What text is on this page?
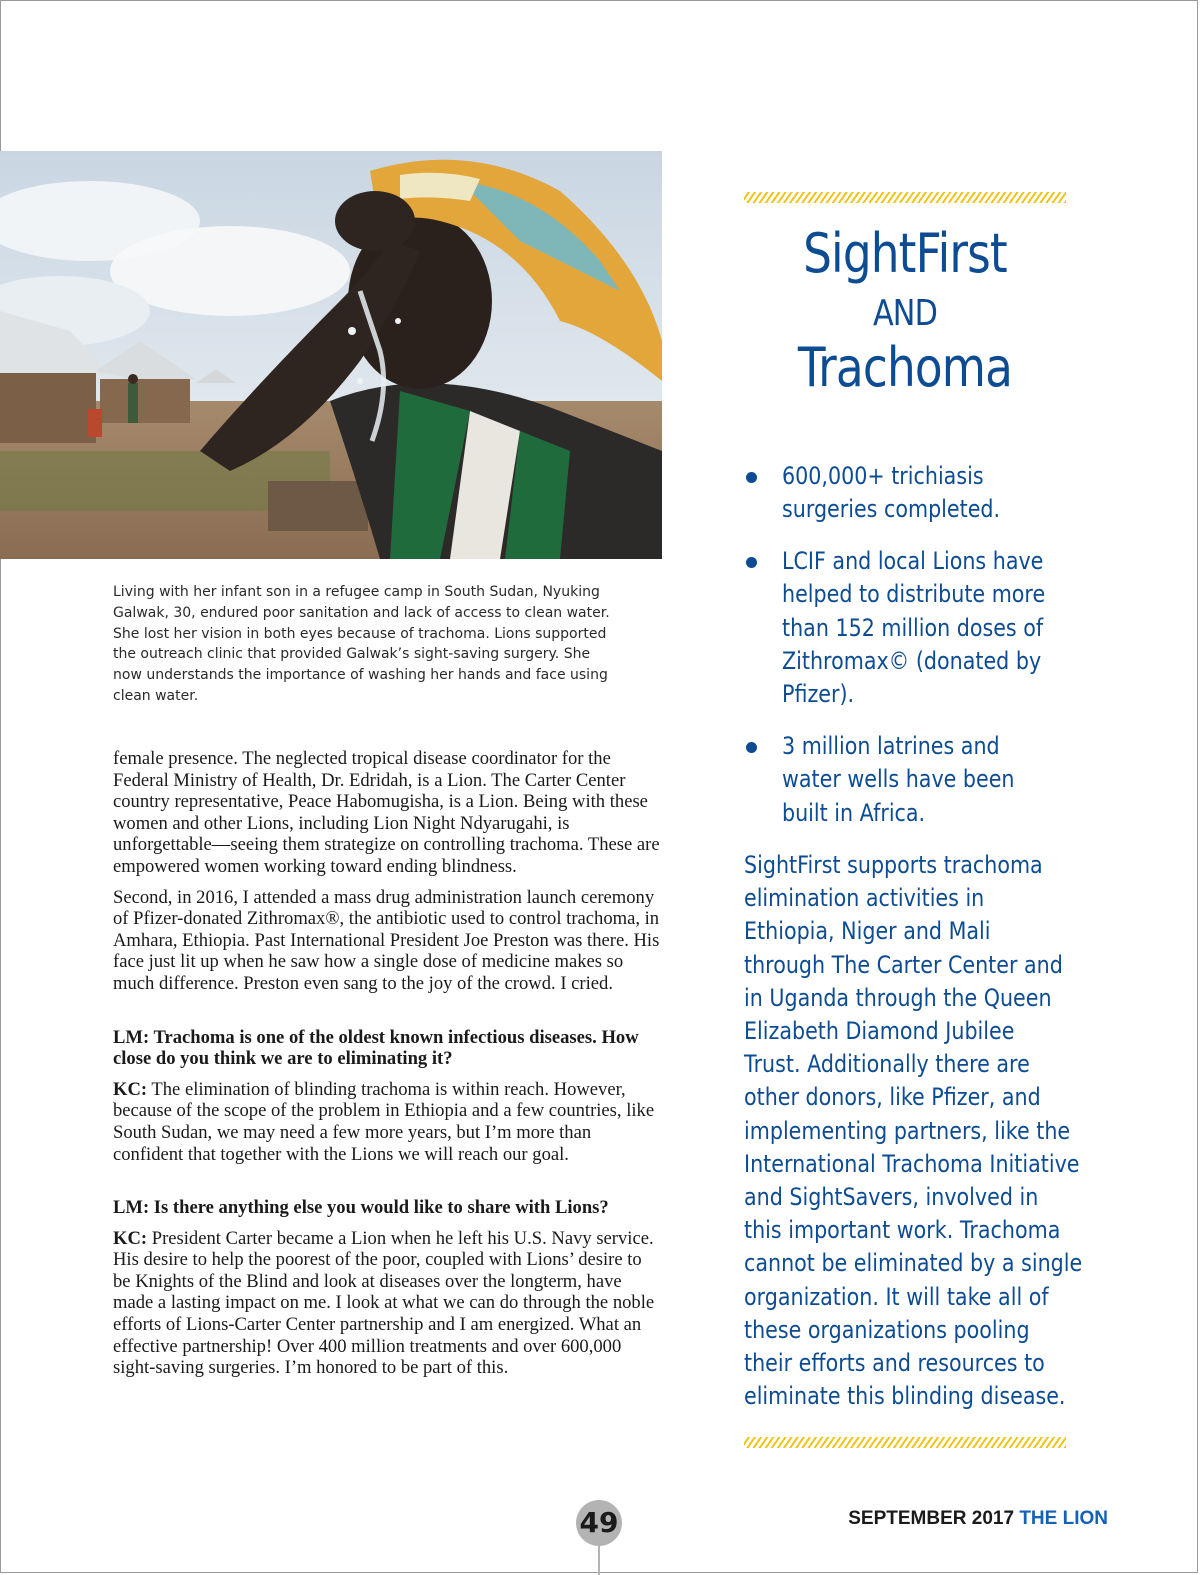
Living with her infant son in a refugee camp in South Sudan, Nyuking
Galwak, 30, endured poor sanitation and lack of access to clean water.
She lost her vision in both eyes because of trachoma. Lions supported
the outreach clinic that provided Galwak’s sight-saving surgery. She
now understands the importance of washing her hands and face using
clean water.

female presence. The neglected tropical disease coordinator for the Federal Ministry of Health, Dr. Edridah, is a Lion. The Carter Center country representative, Peace Habomugisha, is a Lion. Being with these women and other Lions, including Lion Night Ndyarugahi, is unforgettable—seeing them strategize on controlling trachoma. These are empowered women working toward ending blindness.

Second, in 2016, I attended a mass drug administration launch ceremony of Pfizer-donated Zithromax®, the antibiotic used to control trachoma, in Amhara, Ethiopia. Past International President Joe Preston was there. His face just lit up when he saw how a single dose of medicine makes so much difference. Preston even sang to the joy of the crowd. I cried.

LM: Trachoma is one of the oldest known infectious diseases. How close do you think we are to eliminating it?

KC: The elimination of blinding trachoma is within reach. However, because of the scope of the problem in Ethiopia and a few countries, like South Sudan, we may need a few more years, but I’m more than confident that together with the Lions we will reach our goal.

LM: Is there anything else you would like to share with Lions?

KC: President Carter became a Lion when he left his U.S. Navy service. His desire to help the poorest of the poor, coupled with Lions’ desire to be Knights of the Blind and look at diseases over the longterm, have made a lasting impact on me. I look at what we can do through the noble efforts of Lions-Carter Center partnership and I am energized. What an effective partnership! Over 400 million treatments and over 600,000 sight-saving surgeries. I’m honored to be part of this.

SightFirst
AND
Trachoma
600,000+ trichiasis surgeries completed.
LCIF and local Lions have helped to distribute more than 152 million doses of Zithromax© (donated by Pfizer).
3 million latrines and water wells have been built in Africa.
SightFirst supports trachoma
elimination activities in
Ethiopia, Niger and Mali
through The Carter Center and
in Uganda through the Queen
Elizabeth Diamond Jubilee
Trust. Additionally there are
other donors, like Pfizer, and
implementing partners, like the
International Trachoma Initiative
and SightSavers, involved in
this important work. Trachoma
cannot be eliminated by a single
organization. It will take all of
these organizations pooling
their efforts and resources to
eliminate this blinding disease.
49	SEPTEMBER 2017 THE LION
